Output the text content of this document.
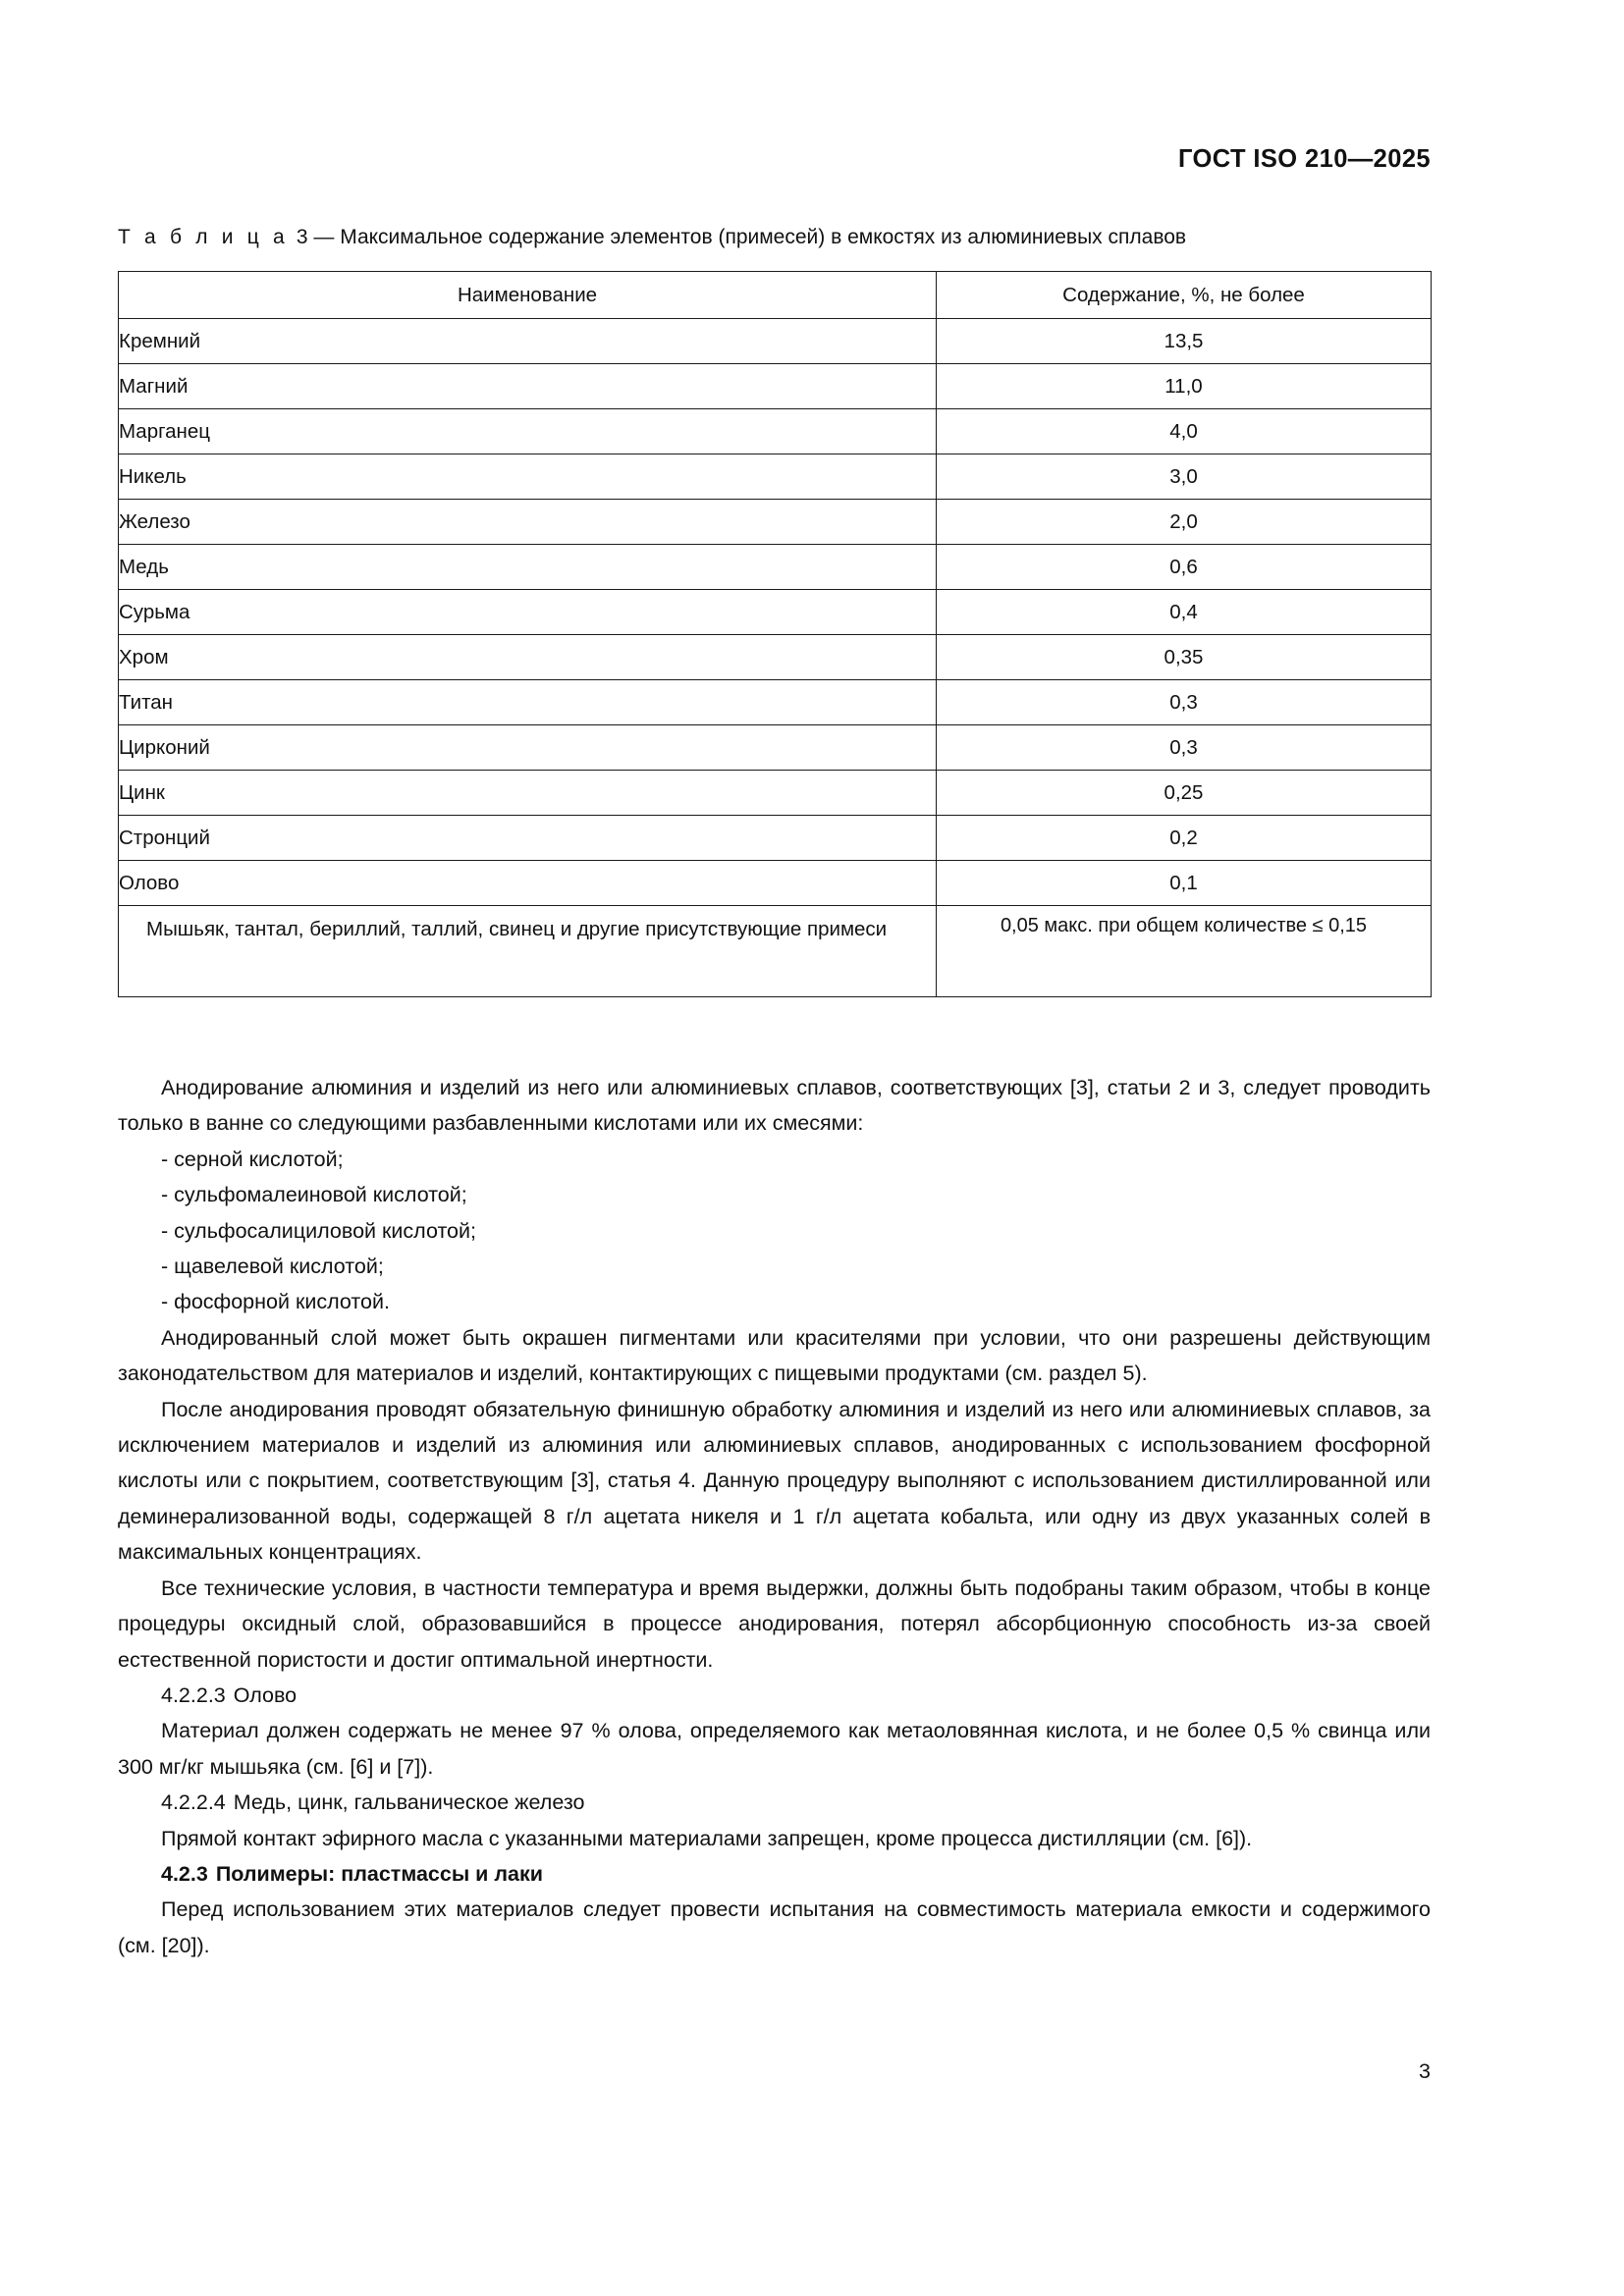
ГОСТ ISO 210—2025
Т а б л и ц а 3 — Максимальное содержание элементов (примесей) в емкостях из алюминиевых сплавов
Наименование	Содержание, %, не более
Кремний	13,5
Магний	11,0
Марганец	4,0
Никель	3,0
Железо	2,0
Медь	0,6
Сурьма	0,4
Хром	0,35
Титан	0,3
Цирконий	0,3
Цинк	0,25
Стронций	0,2
Олово	0,1
Мышьяк, тантал, бериллий, таллий, свинец и другие присутствующие примеси	0,05 макс. при общем количестве ≤ 0,15

Анодирование алюминия и изделий из него или алюминиевых сплавов, соответствующих [3], статьи 2 и 3, следует проводить только в ванне со следующими разбавленными кислотами или их смесями:

- серной кислотой;

- сульфомалеиновой кислотой;

- сульфосалициловой кислотой;

- щавелевой кислотой;

- фосфорной кислотой.

Анодированный слой может быть окрашен пигментами или красителями при условии, что они разрешены действующим законодательством для материалов и изделий, контактирующих с пищевыми продуктами (см. раздел 5).

После анодирования проводят обязательную финишную обработку алюминия и изделий из него или алюминиевых сплавов, за исключением материалов и изделий из алюминия или алюминиевых сплавов, анодированных с использованием фосфорной кислоты или с покрытием, соответствующим [3], статья 4. Данную процедуру выполняют с использованием дистиллированной или деминерализованной воды, содержащей 8 г/л ацетата никеля и 1 г/л ацетата кобальта, или одну из двух указанных солей в максимальных концентрациях.

Все технические условия, в частности температура и время выдержки, должны быть подобраны таким образом, чтобы в конце процедуры оксидный слой, образовавшийся в процессе анодирования, потерял абсорбционную способность из-за своей естественной пористости и достиг оптимальной инертности.

4.2.2.3 Олово

Материал должен содержать не менее 97 % олова, определяемого как метаоловянная кислота, и не более 0,5 % свинца или 300 мг/кг мышьяка (см. [6] и [7]).

4.2.2.4 Медь, цинк, гальваническое железо

Прямой контакт эфирного масла с указанными материалами запрещен, кроме процесса дистилляции (см. [6]).

4.2.3 Полимеры: пластмассы и лаки

Перед использованием этих материалов следует провести испытания на совместимость материала емкости и содержимого (см. [20]).

3
